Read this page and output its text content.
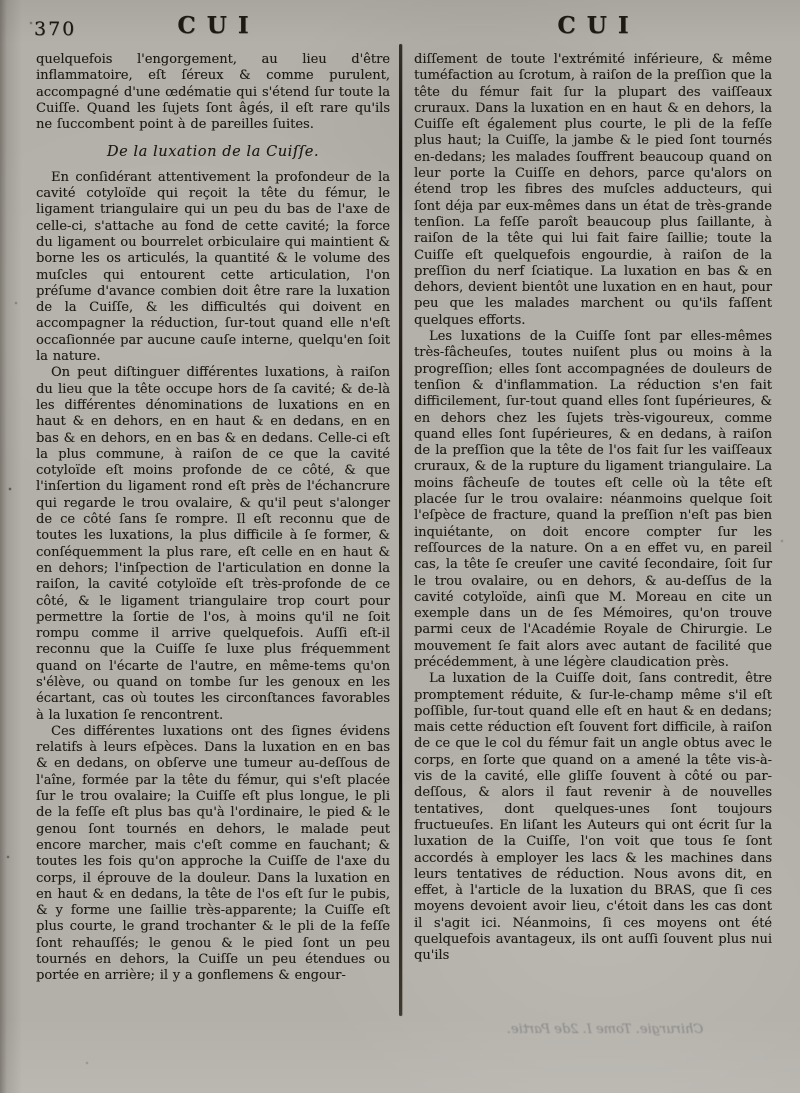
370	CUI	CUI

quelquefois l'engorgement, au lieu d'être inflammatoire, eſt ſéreux & comme purulent, accompagné d'une œdématie qui s'étend ſur toute la Cuiſſe. Quand les ſujets ſont âgés, il eſt rare qu'ils ne ſuccombent point à de pareilles ſuites.

De la luxation de la Cuiſſe.

En conſidérant attentivement la profondeur de la cavité cotyloïde qui reçoit la tête du fémur, le ligament triangulaire qui un peu du bas de l'axe de celle-ci, s'attache au fond de cette cavité; la force du ligament ou bourrelet orbiculaire qui maintient & borne les os articulés, la quantité & le volume des muſcles qui entourent cette articulation, l'on préſume d'avance combien doit être rare la luxation de la Cuiſſe, & les difficultés qui doivent en accompagner la réduction, ſur-tout quand elle n'eſt occaſionnée par aucune cauſe interne, quelqu'en ſoit la nature.

On peut diſtinguer différentes luxations, à raiſon du lieu que la tête occupe hors de ſa cavité; & de-là les différentes dénominations de luxations en en haut & en dehors, en en haut & en dedans, en en bas & en dehors, en en bas & en dedans. Celle-ci eſt la plus commune, à raiſon de ce que la cavité cotyloïde eſt moins profonde de ce côté, & que l'inſertion du ligament rond eſt près de l'échancrure qui regarde le trou ovalaire, & qu'il peut s'alonger de ce côté ſans ſe rompre. Il eſt reconnu que de toutes les luxations, la plus difficile à ſe former, & conſéquemment la plus rare, eſt celle en en haut & en dehors; l'inſpection de l'articulation en donne la raiſon, la cavité cotyloïde eſt très-profonde de ce côté, & le ligament triangulaire trop court pour permettre la ſortie de l'os, à moins qu'il ne ſoit rompu comme il arrive quelquefois. Auſſi eſt-il reconnu que la Cuiſſe ſe luxe plus fréquemment quand on l'écarte de l'autre, en même-tems qu'on s'élève, ou quand on tombe ſur les genoux en les écartant, cas où toutes les circonſtances favorables à la luxation ſe rencontrent.

Ces différentes luxations ont des ſignes évidens relatifs à leurs eſpèces. Dans la luxation en en bas & en dedans, on obſerve une tumeur au-deſſous de l'aîne, formée par la tête du fémur, qui s'eſt placée ſur le trou ovalaire; la Cuiſſe eſt plus longue, le pli de la feſſe eſt plus bas qu'à l'ordinaire, le pied & le genou ſont tournés en dehors, le malade peut encore marcher, mais c'eſt comme en fauchant; & toutes les fois qu'on approche la Cuiſſe de l'axe du corps, il éprouve de la douleur. Dans la luxation en en haut & en dedans, la tête de l'os eſt ſur le pubis, & y forme une ſaillie très-apparente; la Cuiſſe eſt plus courte, le grand trochanter & le pli de la feſſe ſont rehauſſés; le genou & le pied ſont un peu tournés en dehors, la Cuiſſe un peu étendues ou portée en arrière; il y a gonflemens & engour-

diſſement de toute l'extrémité inférieure, & même tuméfaction au ſcrotum, à raiſon de la preſſion que la tête du fémur fait ſur la plupart des vaiſſeaux cruraux. Dans la luxation en en haut & en dehors, la Cuiſſe eſt également plus courte, le pli de la feſſe plus haut; la Cuiſſe, la jambe & le pied ſont tournés en-dedans; les malades ſouffrent beaucoup quand on leur porte la Cuiſſe en dehors, parce qu'alors on étend trop les fibres des muſcles adducteurs, qui ſont déja par eux-mêmes dans un état de très-grande tenſion. La feſſe paroît beaucoup plus ſaillante, à raiſon de la tête qui lui fait faire ſaillie; toute la Cuiſſe eſt quelquefois engourdie, à raiſon de la preſſion du nerf ſciatique. La luxation en bas & en dehors, devient bientôt une luxation en en haut, pour peu que les malades marchent ou qu'ils faſſent quelques efforts.

Les luxations de la Cuiſſe ſont par elles-mêmes très-fâcheuſes, toutes nuiſent plus ou moins à la progreſſion; elles ſont accompagnées de douleurs de tenſion & d'inflammation. La réduction s'en fait difficilement, ſur-tout quand elles ſont ſupérieures, & en dehors chez les ſujets très-vigoureux, comme quand elles ſont ſupérieures, & en dedans, à raiſon de la preſſion que la tête de l'os fait ſur les vaiſſeaux cruraux, & de la rupture du ligament triangulaire. La moins fâcheuſe de toutes eſt celle où la tête eſt placée ſur le trou ovalaire: néanmoins quelque ſoit l'eſpèce de fracture, quand la preſſion n'eſt pas bien inquiétante, on doit encore compter ſur les reſſources de la nature. On a en effet vu, en pareil cas, la tête ſe creuſer une cavité ſecondaire, ſoit ſur le trou ovalaire, ou en dehors, & au-deſſus de la cavité cotyloïde, ainſi que M. Moreau en cite un exemple dans un de ſes Mémoires, qu'on trouve parmi ceux de l'Académie Royale de Chirurgie. Le mouvement ſe fait alors avec autant de facilité que précédemment, à une légère claudication près.

La luxation de la Cuiſſe doit, ſans contredit, être promptement réduite, & ſur-le-champ même s'il eſt poſſible, ſur-tout quand elle eſt en haut & en dedans; mais cette réduction eſt ſouvent fort difficile, à raiſon de ce que le col du fémur fait un angle obtus avec le corps, en ſorte que quand on a amené la tête vis-à-vis de la cavité, elle gliſſe ſouvent à côté ou par-deſſous, & alors il faut revenir à de nouvelles tentatives, dont quelques-unes ſont toujours fructueuſes. En liſant les Auteurs qui ont écrit ſur la luxation de la Cuiſſe, l'on voit que tous ſe ſont accordés à employer les lacs & les machines dans leurs tentatives de réduction. Nous avons dit, en effet, à l'article de la luxation du BRAS, que ſi ces moyens devoient avoir lieu, c'étoit dans les cas dont il s'agit ici. Néanmoins, ſi ces moyens ont été quelquefois avantageux, ils ont auſſi ſouvent plus nui qu'ils

Chirurgie. Tome I. 2de Partie.
